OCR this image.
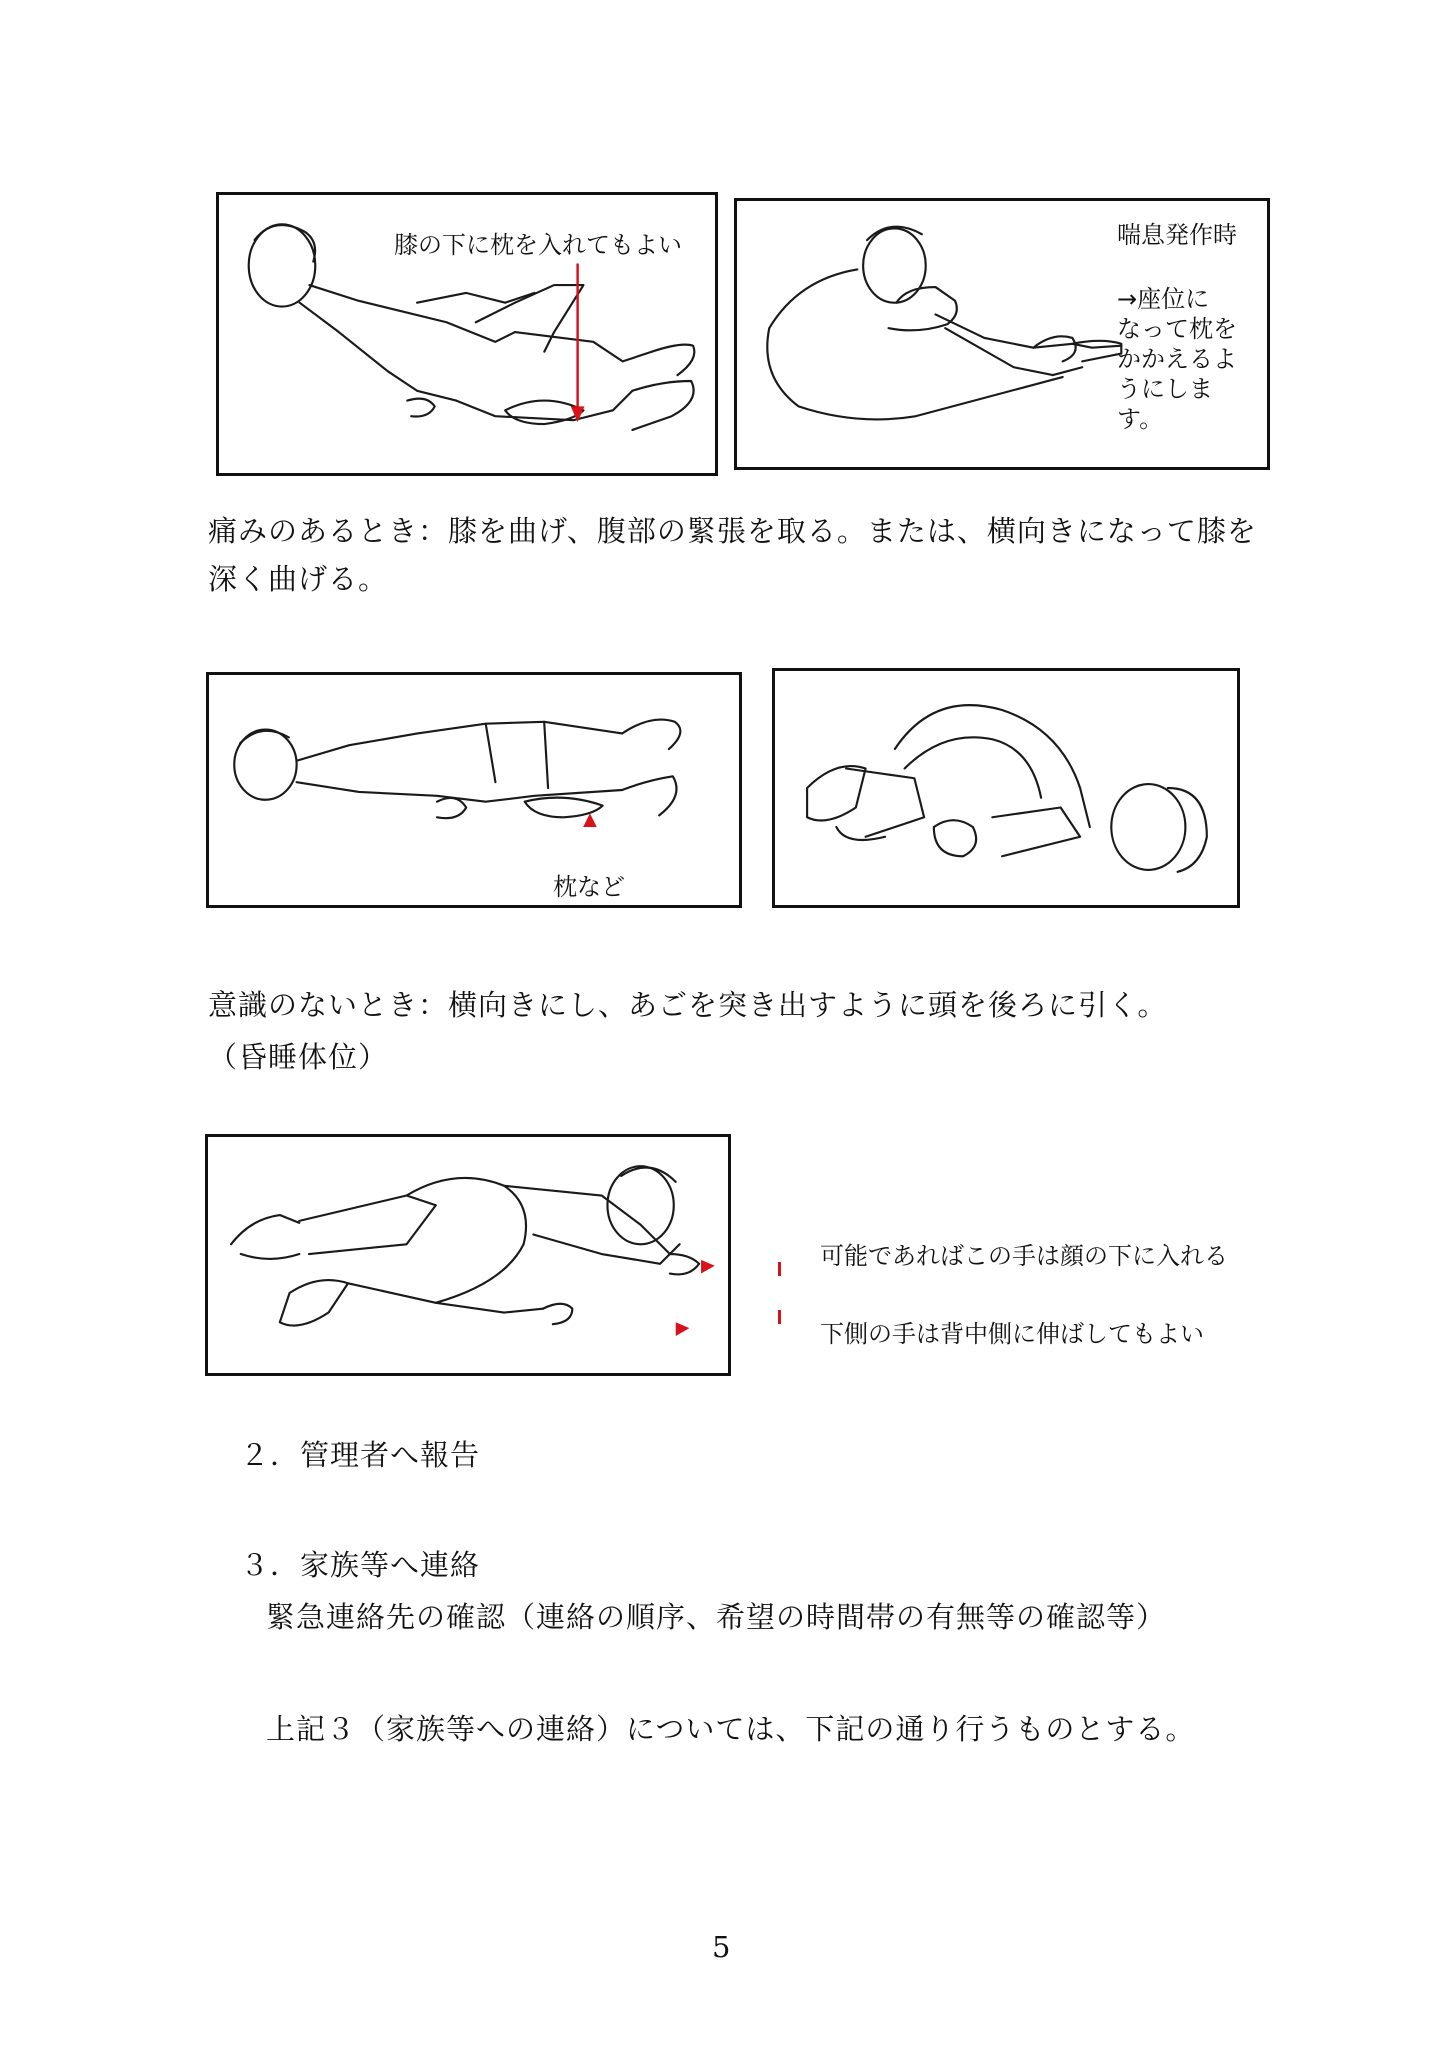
膝の下に枕を入れてもよい	喘息発作時
→座位に
なって枕を
かかえるよ
うにしま
す。
痛みのあるとき：膝を曲げ、腹部の緊張を取る。または、横向きになって膝を
深く曲げる。
枕など
意識のないとき：横向きにし、あごを突き出すように頭を後ろに引く。
（昏睡体位）
可能であればこの手は顔の下に入れる
下側の手は背中側に伸ばしてもよい
２．管理者へ報告
３．家族等へ連絡
緊急連絡先の確認（連絡の順序、希望の時間帯の有無等の確認等）
上記３（家族等への連絡）については、下記の通り行うものとする。
5
